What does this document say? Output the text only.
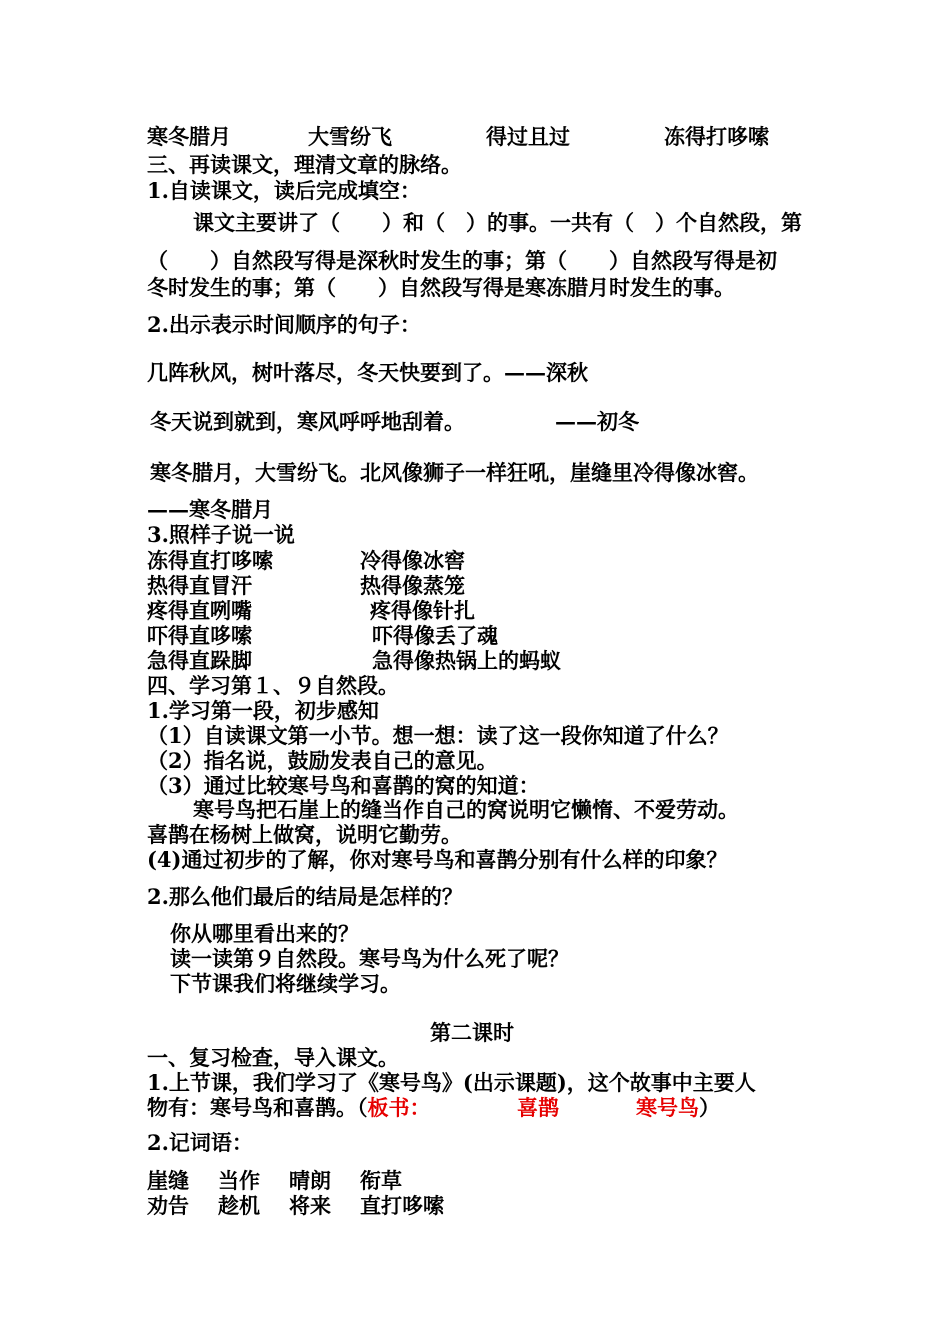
寒冬腊月	大雪纷飞	得过且过	冻得打哆嗦
三、再读课文，理清文章的脉络。
1.自读课文，读后完成填空：
课文主要讲了（　　）和（　）的事。一共有（　）个自然段，第
（　　）自然段写得是深秋时发生的事；第（　　）自然段写得是初
冬时发生的事；第（　　）自然段写得是寒冻腊月时发生的事。
2.出示表示时间顺序的句子：
几阵秋风，树叶落尽，冬天快要到了。——深秋
冬天说到就到，寒风呼呼地刮着。	——初冬
寒冬腊月，大雪纷飞。北风像狮子一样狂吼，崖缝里冷得像冰窖。
——寒冬腊月
3.照样子说一说
冻得直打哆嗦	冷得像冰窖
热得直冒汗	热得像蒸笼
疼得直咧嘴	疼得像针扎
吓得直哆嗦	吓得像丢了魂
急得直跺脚	急得像热锅上的蚂蚁
四、学习第１、９自然段。
1.学习第一段，初步感知
（1）自读课文第一小节。想一想：读了这一段你知道了什么？
（2）指名说，鼓励发表自己的意见。
（3）通过比较寒号鸟和喜鹊的窝的知道：
寒号鸟把石崖上的缝当作自己的窝说明它懒惰、不爱劳动。
喜鹊在杨树上做窝，说明它勤劳。
(4)通过初步的了解，你对寒号鸟和喜鹊分别有什么样的印象？
2.那么他们最后的结局是怎样的？
你从哪里看出来的？
读一读第９自然段。寒号鸟为什么死了呢？
下节课我们将继续学习。
第二课时
一、复习检查，导入课文。
1.上节课，我们学习了《寒号鸟》(出示课题)，这个故事中主要人
物有：寒号鸟和喜鹊。（板书：	喜鹊	寒号鸟）
2.记词语：
崖缝 当作 晴朗 衔草
劝告 趁机 将来 直打哆嗦
